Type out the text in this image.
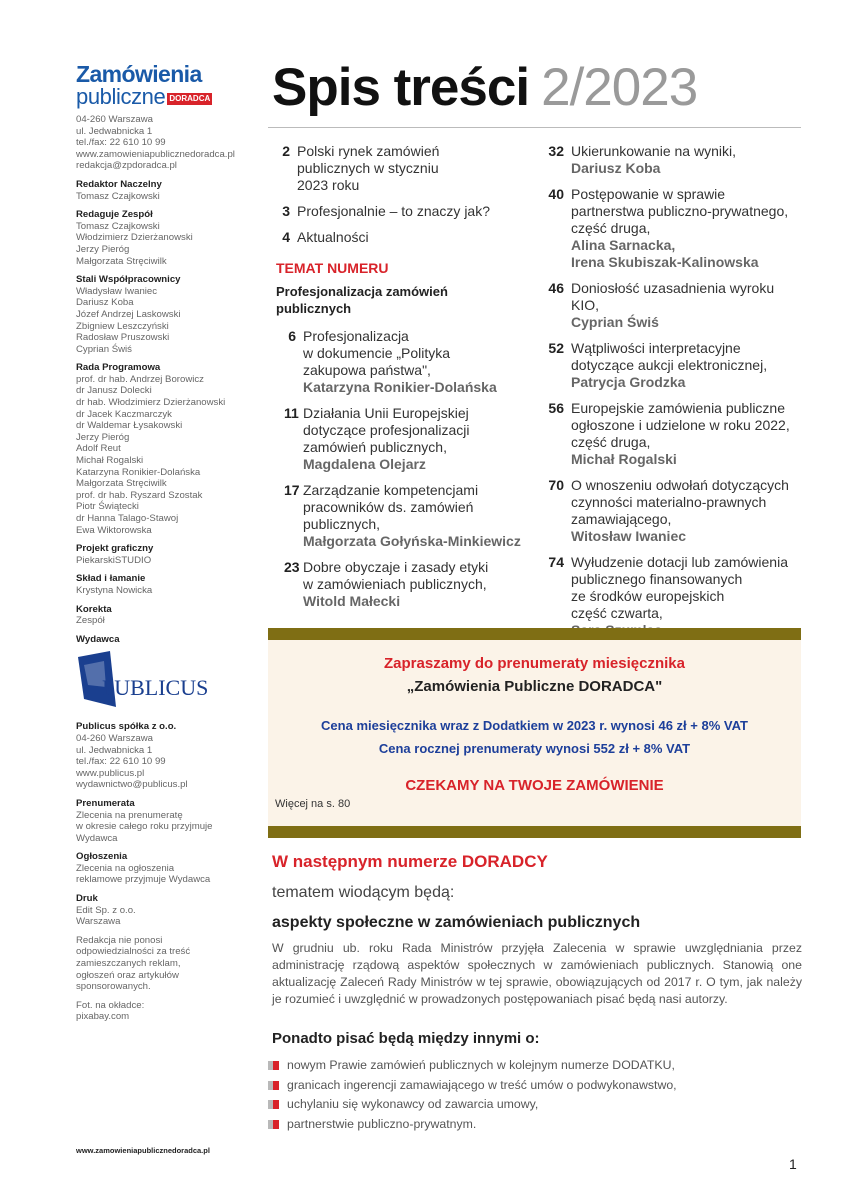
Zamówienia
publiczne DORADCA
04-260 Warszawa
ul. Jedwabnicka 1
tel./fax: 22 610 10 99
www.zamowieniapublicznedoradca.pl
redakcja@zpdoradca.pl
Redaktor Naczelny
Tomasz Czajkowski
Redaguje Zespół
Tomasz Czajkowski
Włodzimierz Dzierżanowski
Jerzy Pieróg
Małgorzata Stręciwilk
Stali Współpracownicy
Władysław Iwaniec
Dariusz Koba
Józef Andrzej Laskowski
Zbigniew Leszczyński
Radosław Pruszowski
Cyprian Świś
Rada Programowa
prof. dr hab. Andrzej Borowicz
dr Janusz Dolecki
dr hab. Włodzimierz Dzierżanowski
dr Jacek Kaczmarczyk
dr Waldemar Łysakowski
Jerzy Pieróg
Adolf Reut
Michał Rogalski
Katarzyna Ronikier-Dolańska
Małgorzata Stręciwilk
prof. dr hab. Ryszard Szostak
Piotr Świątecki
dr Hanna Talago-Stawoj
Ewa Wiktorowska
Projekt graficzny
PiekarskiSTUDIO
Skład i łamanie
Krystyna Nowicka
Korekta
Zespół
Wydawca
PUBLICUS
Publicus spółka z o.o.
04-260 Warszawa
ul. Jedwabnicka 1
tel./fax: 22 610 10 99
www.publicus.pl
wydawnictwo@publicus.pl
Prenumerata
Zlecenia na prenumeratę
w okresie całego roku przyjmuje
Wydawca
Ogłoszenia
Zlecenia na ogłoszenia
reklamowe przyjmuje Wydawca
Druk
Edit Sp. z o.o.
Warszawa
Redakcja nie ponosi
odpowiedzialności za treść
zamieszczanych reklam,
ogłoszeń oraz artykułów
sponsorowanych.
Fot. na okładce:
pixabay.com
www.zamowieniapublicznedoradca.pl
1
Spis treści 2/2023
2 Polski rynek zamówień
publicznych w styczniu
2023 roku
3 Profesjonalnie – to znaczy jak?
4 Aktualności
TEMAT NUMERU
Profesjonalizacja zamówień
publicznych
6 Profesjonalizacja
w dokumencie „Polityka
zakupowa państwa",
Katarzyna Ronikier-Dolańska
11 Działania Unii Europejskiej
dotyczące profesjonalizacji
zamówień publicznych,
Magdalena Olejarz
17 Zarządzanie kompetencjami
pracowników ds. zamówień
publicznych,
Małgorzata Gołyńska-Minkiewicz
23 Dobre obyczaje i zasady etyki
w zamówieniach publicznych,
Witold Małecki
32 Ukierunkowanie na wyniki,
Dariusz Koba
40 Postępowanie w sprawie
partnerstwa publiczno-prywatnego,
część druga,
Alina Sarnacka,
Irena Skubiszak-Kalinowska
46 Doniosłość uzasadnienia wyroku KIO,
Cyprian Świś
52 Wątpliwości interpretacyjne
dotyczące aukcji elektronicznej,
Patrycja Grodzka
56 Europejskie zamówienia publiczne
ogłoszone i udzielone w roku 2022,
część druga,
Michał Rogalski
70 O wnoszeniu odwołań dotyczących
czynności materialno-prawnych
zamawiającego,
Witosław Iwaniec
74 Wyłudzenie dotacji lub zamówienia
publicznego finansowanych
ze środków europejskich
część czwarta,
Zapraszamy do prenumeraty miesięcznika
„Zamówienia Publiczne DORADCA"
Cena miesięcznika wraz z Dodatkiem w 2023 r. wynosi 46 zł + 8% VAT
Cena rocznej prenumeraty wynosi 552 zł + 8% VAT
CZEKAMY NA TWOJE ZAMÓWIENIE
Więcej na s. 80
W następnym numerze DORADCY
tematem wiodącym będą:
aspekty społeczne w zamówieniach publicznych
W grudniu ub. roku Rada Ministrów przyjęła Zalecenia w sprawie uwzględniania przez administrację rządową aspektów społecznych w zamówieniach publicznych. Stanowią one aktualizację Zaleceń Rady Ministrów w tej sprawie, obowiązujących od 2017 r. O tym, jak należy je rozumieć i uwzględnić w prowadzonych postępowaniach pisać będą nasi autorzy.
Ponadto pisać będą między innymi o:
nowym Prawie zamówień publicznych w kolejnym numerze DODATKU,
granicach ingerencji zamawiającego w treść umów o podwykonawstwo,
uchylaniu się wykonawcy od zawarcia umowy,
partnerstwie publiczno-prywatnym.
